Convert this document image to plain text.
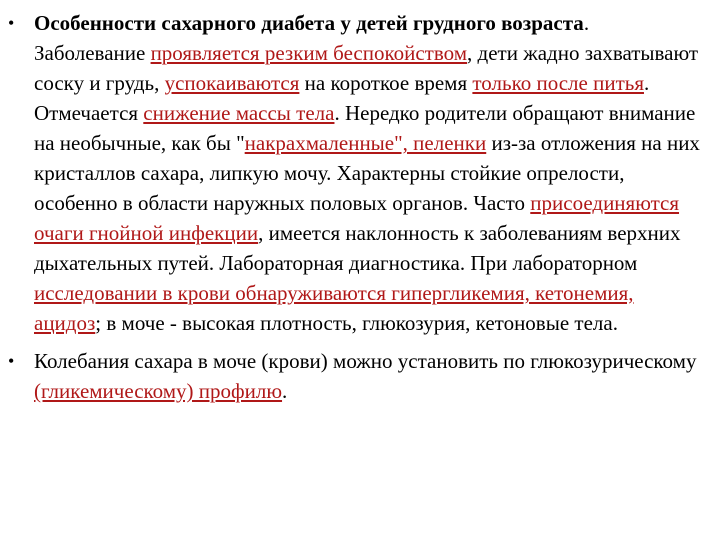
• Особенности сахарного диабета у детей грудного возраста. Заболевание проявляется резким беспокойством, дети жадно захватывают соску и грудь, успокаиваются на короткое время только после питья. Отмечается снижение массы тела. Нередко родители обращают внимание на необычные, как бы "накрахмаленные", пеленки из-за отложения на них кристаллов сахара, липкую мочу. Характерны стойкие опрелости, особенно в области наружных половых органов. Часто присоединяются очаги гнойной инфекции, имеется наклонность к заболеваниям верхних дыхательных путей. Лабораторная диагностика. При лабораторном исследовании в крови обнаруживаются гипергликемия, кетонемия, ацидоз; в моче - высокая плотность, глюкозурия, кетоновые тела.
• Колебания сахара в моче (крови) можно установить по глюкозурическому (гликемическому) профилю.
